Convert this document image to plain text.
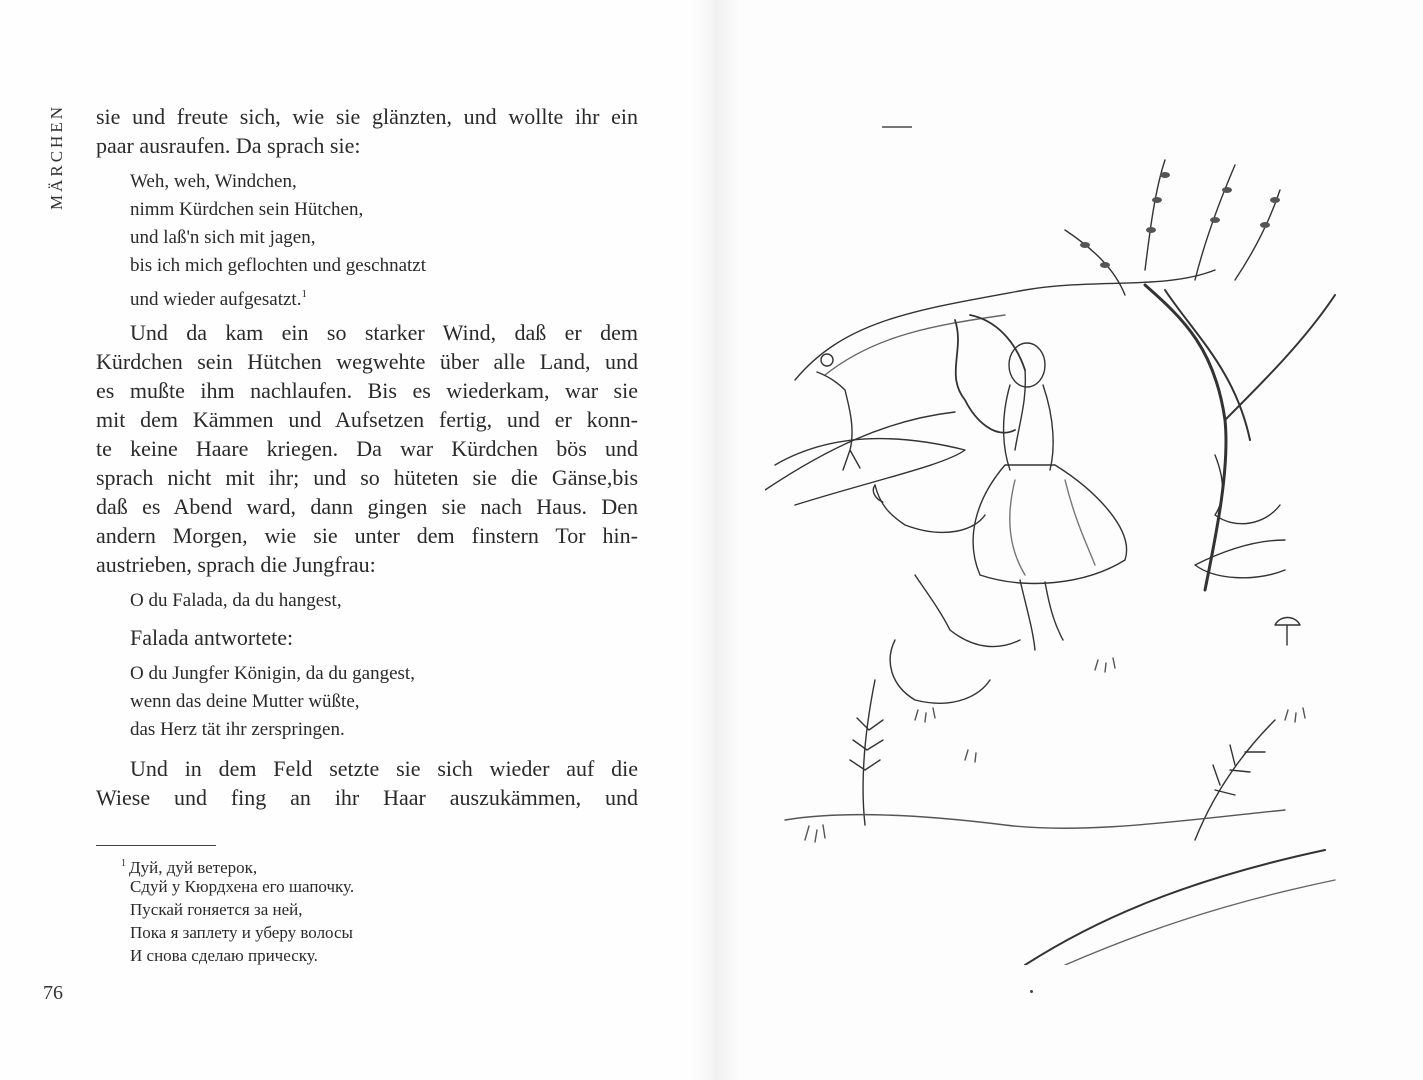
MÄRCHEN sie und freute sich, wie sie glänzten, und wollte ihr ein
paar ausraufen. Da sprach sie:
Weh, weh, Windchen,
nimm Kürdchen sein Hütchen,
und laß'n sich mit jagen,
bis ich mich geflochten und geschnatzt
und wieder aufgesatzt.$^1$
Und da kam ein so starker Wind, daß er dem
Kürdchen sein Hütchen wegwehte über alle Land, und
es mußte ihm nachlaufen. Bis es wiederkam, war sie
mit dem Kämmen und Aufsetzen fertig, und er konn-
te keine Haare kriegen. Da war Kürdchen bös und
sprach nicht mit ihr; und so hüteten sie die Gänse,bis
daß es Abend ward, dann gingen sie nach Haus. Den
andern Morgen, wie sie unter dem finstern Tor hin-
austrieben, sprach die Jungfrau:
O du Falada, da du hangest,
Falada antwortete:
O du Jungfer Königin, da du gangest,
wenn das deine Mutter wüßte,
das Herz tät ihr zerspringen.
Und in dem Feld setzte sie sich wieder auf die
Wiese und fing an ihr Haar auszukämmen, und
$^1$ Дуй, дуй ветерок,
Сдуй у Кюрдхена его шапочку.
Пускай гоняется за ней,
Пока я заплету и уберу волосы
И снова сделаю прическу.
76
